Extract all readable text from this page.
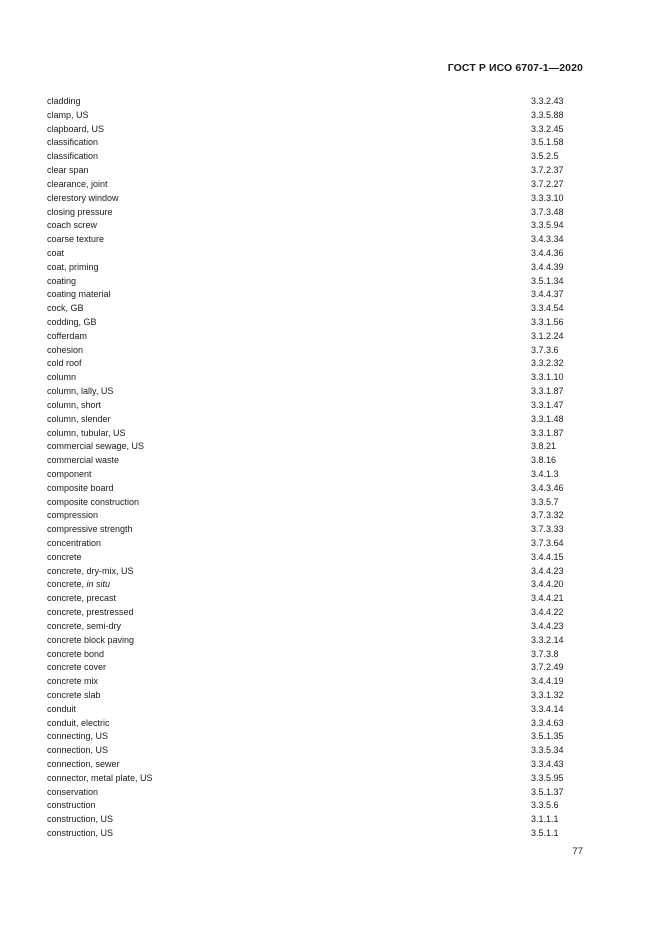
ГОСТ Р ИСО 6707-1—2020
cladding	3.3.2.43
clamp, US	3.3.5.88
clapboard, US	3.3.2.45
classification	3.5.1.58
classification	3.5.2.5
clear span	3.7.2.37
clearance, joint	3.7.2.27
clerestory window	3.3.3.10
closing pressure	3.7.3.48
coach screw	3.3.5.94
coarse texture	3.4.3.34
coat	3.4.4.36
coat, priming	3.4.4.39
coating	3.5.1.34
coating material	3.4.4.37
cock, GB	3.3.4.54
codding, GB	3.3.1.56
cofferdam	3.1.2.24
cohesion	3.7.3.6
cold roof	3.3.2.32
column	3.3.1.10
column, lally, US	3.3.1.87
column, short	3.3.1.47
column, slender	3.3.1.48
column, tubular, US	3.3.1.87
commercial sewage, US	3.8.21
commercial waste	3.8.16
component	3.4.1.3
composite board	3.4.3.46
composite construction	3.3.5.7
compression	3.7.3.32
compressive strength	3.7.3.33
concentration	3.7.3.64
concrete	3.4.4.15
concrete, dry-mix, US	3.4.4.23
concrete, in situ	3.4.4.20
concrete, precast	3.4.4.21
concrete, prestressed	3.4.4.22
concrete, semi-dry	3.4.4.23
concrete block paving	3.3.2.14
concrete bond	3.7.3.8
concrete cover	3.7.2.49
concrete mix	3.4.4.19
concrete slab	3.3.1.32
conduit	3.3.4.14
conduit, electric	3.3.4.63
connecting, US	3.5.1.35
connection, US	3.3.5.34
connection, sewer	3.3.4.43
connector, metal plate, US	3.3.5.95
conservation	3.5.1.37
construction	3.3.5.6
construction, US	3.1.1.1
construction, US	3.5.1.1
77
